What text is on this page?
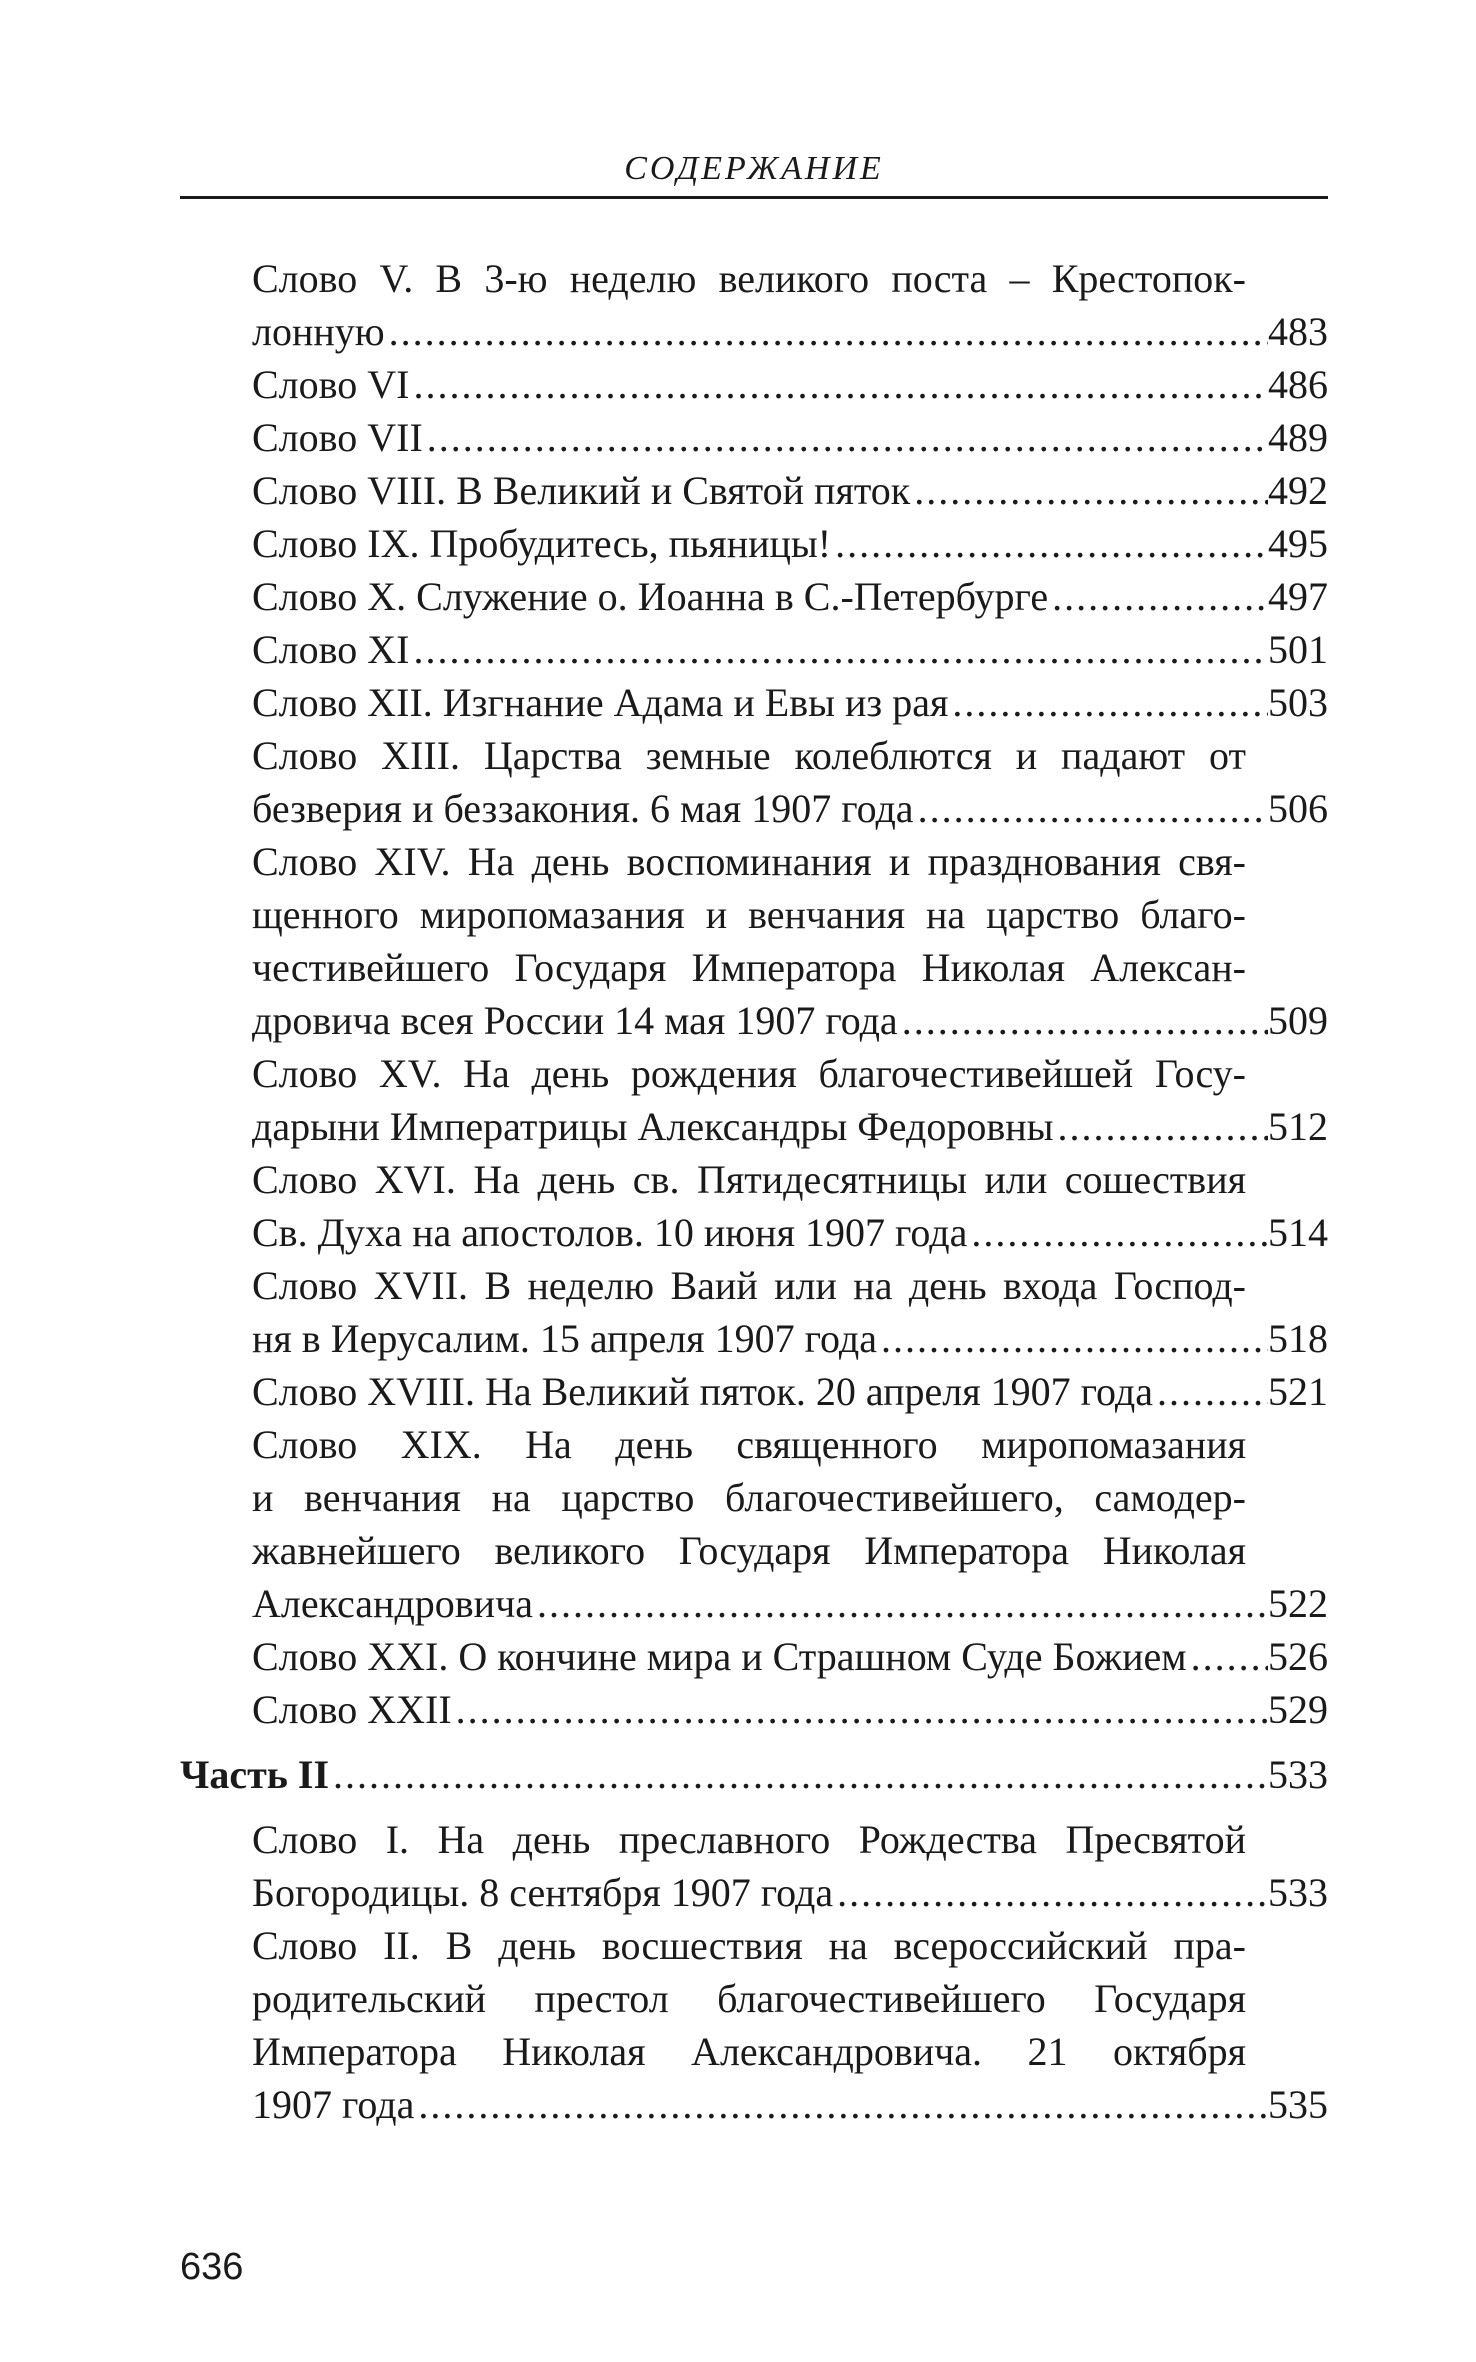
СОДЕРЖАНИЕ
Слово V. В 3-ю неделю великого поста – Крестопок-
лонную . . .	483
Слово VI . . .	486
Слово VII . . .	489
Слово VIII. В Великий и Святой пяток . . .	492
Слово IX. Пробудитесь, пьяницы! . . .	495
Слово X. Служение о. Иоанна в С.-Петербурге . . .	497
Слово XI . . .	501
Слово XII. Изгнание Адама и Евы из рая . . .	503
Слово XIII. Царства земные колеблются и падают от
безверия и беззакония. 6 мая 1907 года . . .	506
Слово XIV. На день воспоминания и празднования свя-
щенного миропомазания и венчания на царство благо-
честивейшего Государя Императора Николая Алексан-
дровича всея России 14 мая 1907 года . . .	509
Слово XV. На день рождения благочестивейшей Госу-
дарыни Императрицы Александры Федоровны . . .	512
Слово XVI. На день св. Пятидесятницы или сошествия
Св. Духа на апостолов. 10 июня 1907 года . . .	514
Слово XVII. В неделю Ваий или на день входа Господ-
ня в Иерусалим. 15 апреля 1907 года . . .	518
Слово XVIII. На Великий пяток. 20 апреля 1907 года . . .	521
Слово XIX. На день священного миропомазания
и венчания на царство благочестивейшего, самодер-
жавнейшего великого Государя Императора Николая
Александровича . . .	522
Слово XXI. О кончине мира и Страшном Суде Божием . . . 526
Слово XXII . . .	529
Часть II . . .	533
Слово I. На день преславного Рождества Пресвятой
Богородицы. 8 сентября 1907 года . . .	533
Слово II. В день восшествия на всероссийский пра-
родительский престол благочестивейшего Государя
Императора Николая Александровича. 21 октября
1907 года . . .	535
636
